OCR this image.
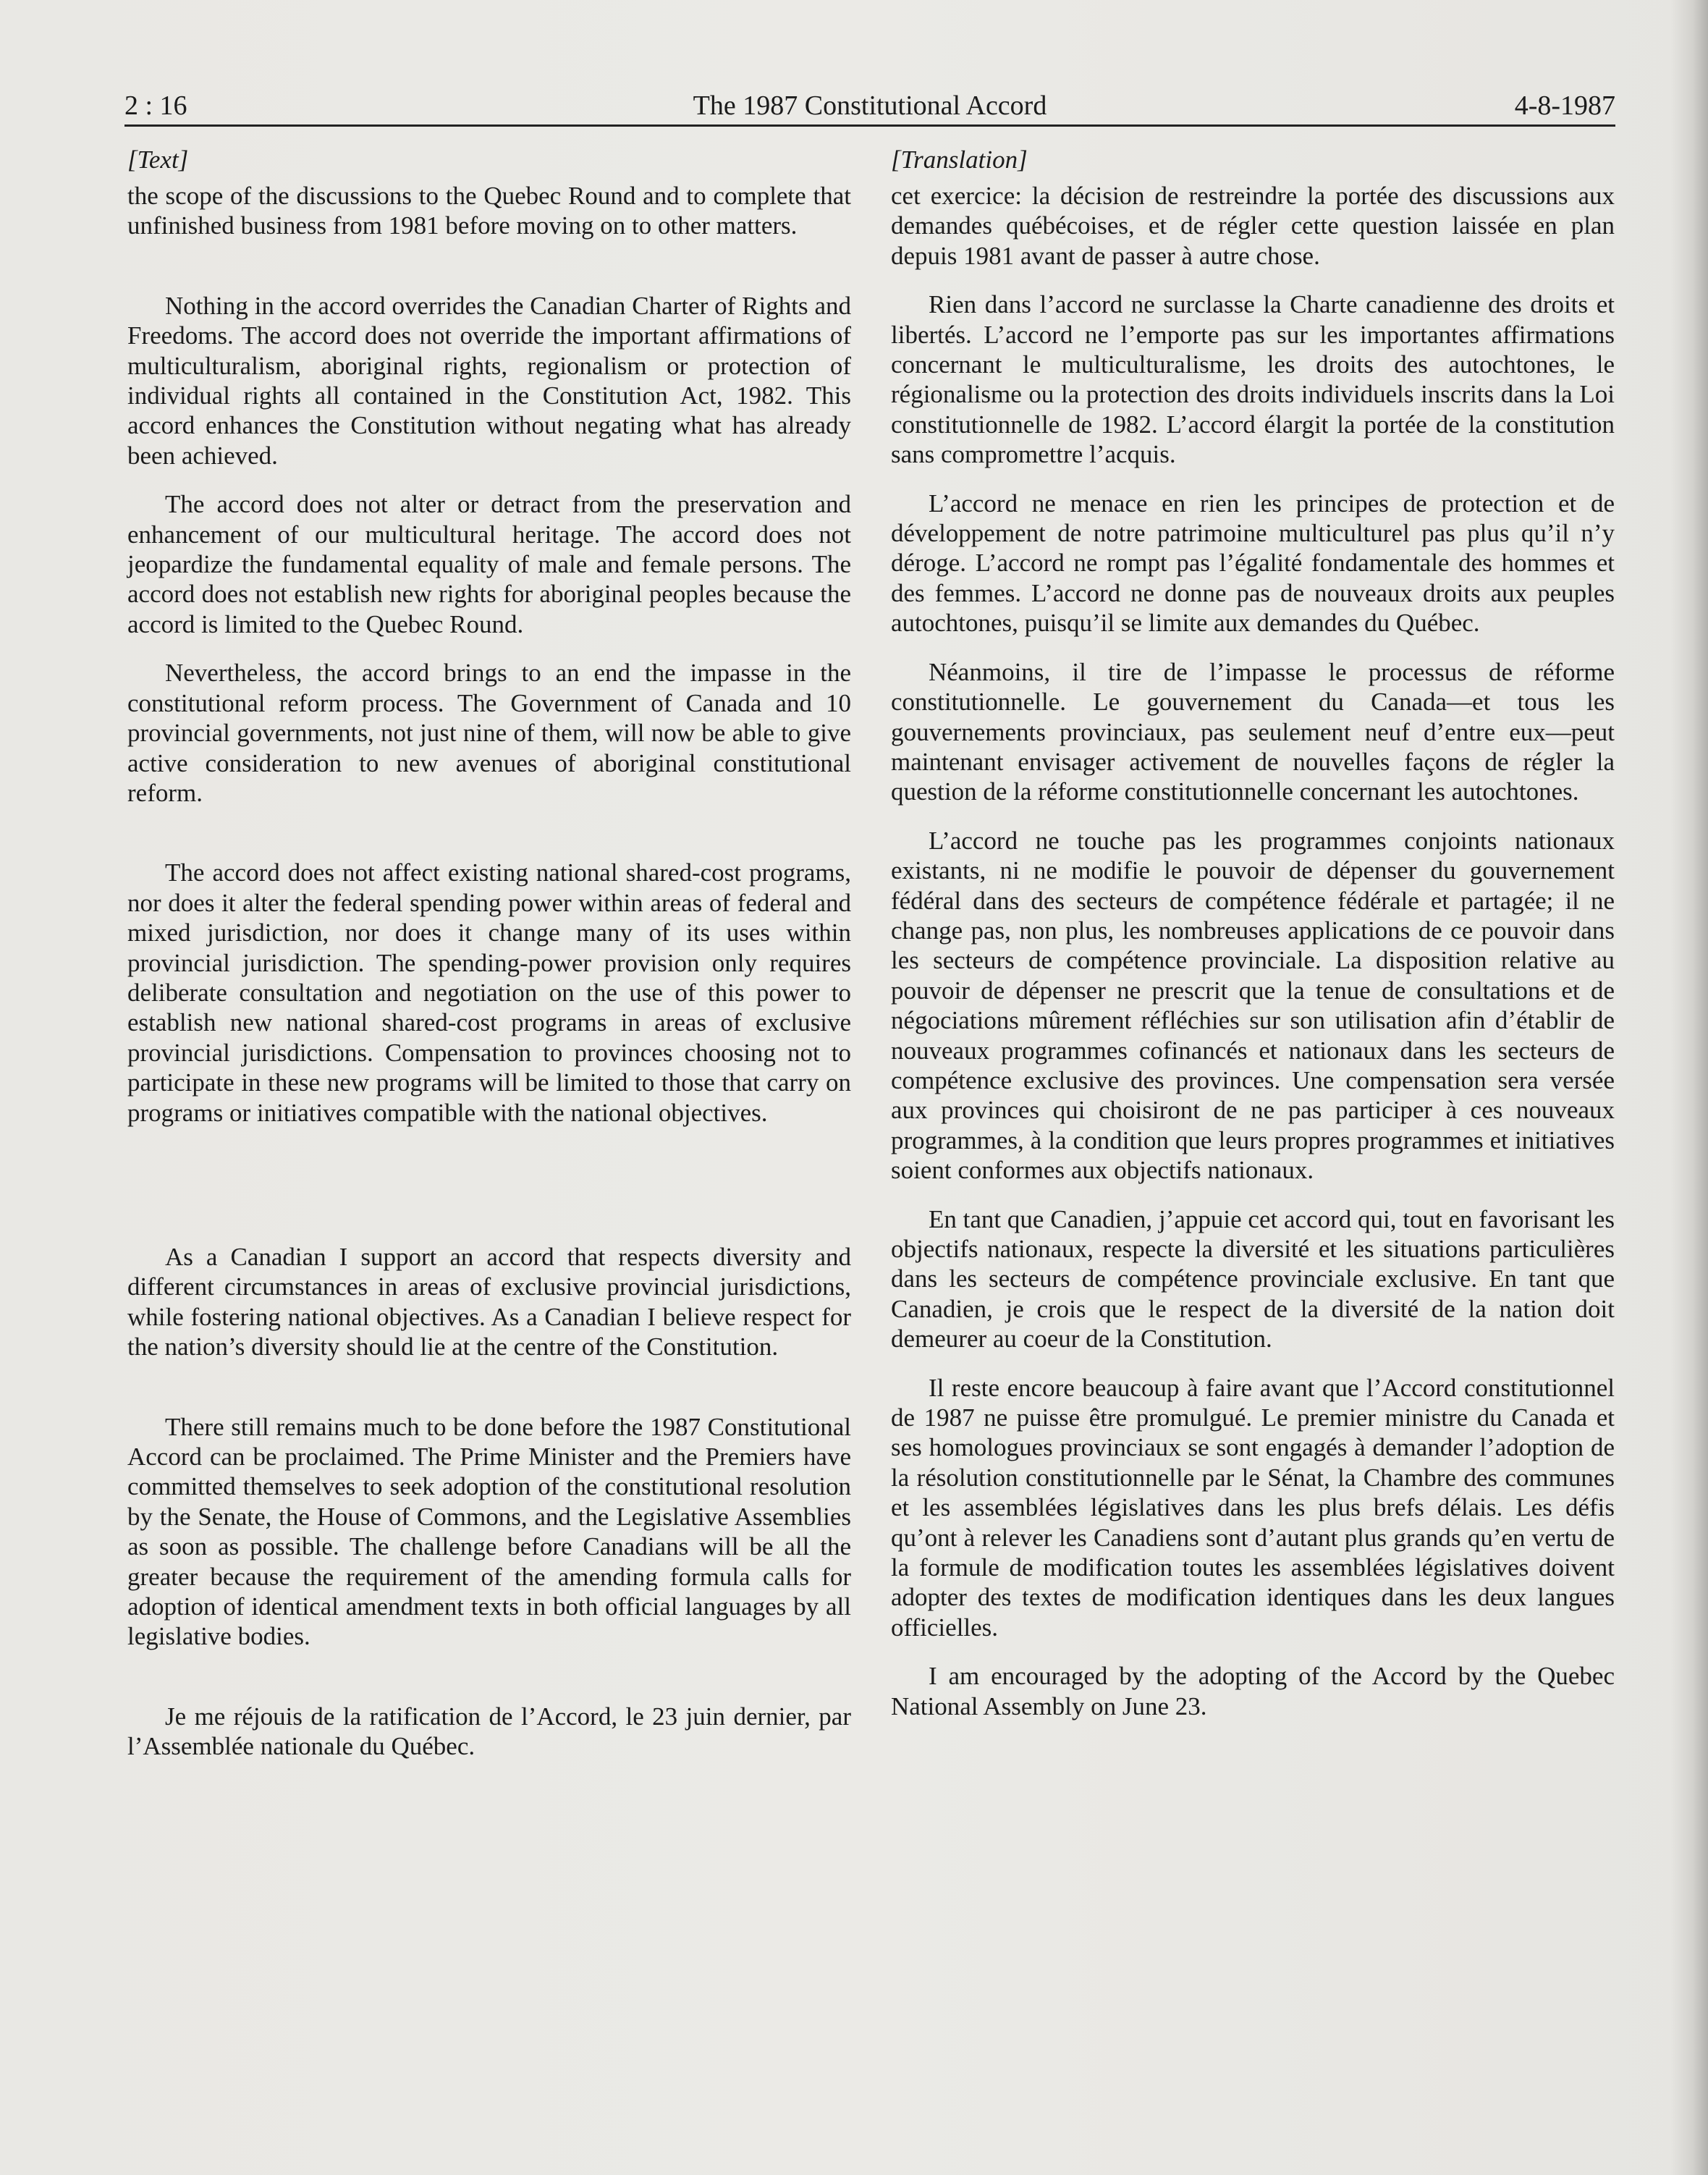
2 : 16	The 1987 Constitutional Accord	4-8-1987
[Text]

the scope of the discussions to the Quebec Round and to complete that unfinished business from 1981 before moving on to other matters.

Nothing in the accord overrides the Canadian Charter of Rights and Freedoms. The accord does not override the important affirmations of multiculturalism, aboriginal rights, regionalism or protection of individual rights all contained in the Constitution Act, 1982. This accord enhances the Constitution without negating what has already been achieved.

The accord does not alter or detract from the preservation and enhancement of our multicultural heritage. The accord does not jeopardize the fundamental equality of male and female persons. The accord does not establish new rights for aboriginal peoples because the accord is limited to the Quebec Round.

Nevertheless, the accord brings to an end the impasse in the constitutional reform process. The Government of Canada and 10 provincial governments, not just nine of them, will now be able to give active consideration to new avenues of aboriginal constitutional reform.

The accord does not affect existing national shared-cost programs, nor does it alter the federal spending power within areas of federal and mixed jurisdiction, nor does it change many of its uses within provincial jurisdiction. The spending-power provision only requires deliberate consultation and negotiation on the use of this power to establish new national shared-cost programs in areas of exclusive provincial jurisdictions. Compensation to provinces choosing not to participate in these new programs will be limited to those that carry on programs or initiatives compatible with the national objectives.

As a Canadian I support an accord that respects diversity and different circumstances in areas of exclusive provincial jurisdictions, while fostering national objectives. As a Canadian I believe respect for the nation’s diversity should lie at the centre of the Constitution.

There still remains much to be done before the 1987 Constitutional Accord can be proclaimed. The Prime Minister and the Premiers have committed themselves to seek adoption of the constitutional resolution by the Senate, the House of Commons, and the Legislative Assemblies as soon as possible. The challenge before Canadians will be all the greater because the requirement of the amending formula calls for adoption of identical amendment texts in both official languages by all legislative bodies.

Je me réjouis de la ratification de l’Accord, le 23 juin dernier, par l’Assemblée nationale du Québec.

[Translation]

cet exercice: la décision de restreindre la portée des discussions aux demandes québécoises, et de régler cette question laissée en plan depuis 1981 avant de passer à autre chose.

Rien dans l’accord ne surclasse la Charte canadienne des droits et libertés. L’accord ne l’emporte pas sur les importantes affirmations concernant le multiculturalisme, les droits des autochtones, le régionalisme ou la protection des droits individuels inscrits dans la Loi constitutionnelle de 1982. L’accord élargit la portée de la constitution sans compromettre l’acquis.

L’accord ne menace en rien les principes de protection et de développement de notre patrimoine multiculturel pas plus qu’il n’y déroge. L’accord ne rompt pas l’égalité fondamentale des hommes et des femmes. L’accord ne donne pas de nouveaux droits aux peuples autochtones, puisqu’il se limite aux demandes du Québec.

Néanmoins, il tire de l’impasse le processus de réforme constitutionnelle. Le gouvernement du Canada—et tous les gouvernements provinciaux, pas seulement neuf d’entre eux—peut maintenant envisager activement de nouvelles façons de régler la question de la réforme constitutionnelle concernant les autochtones.

L’accord ne touche pas les programmes conjoints nationaux existants, ni ne modifie le pouvoir de dépenser du gouvernement fédéral dans des secteurs de compétence fédérale et partagée; il ne change pas, non plus, les nombreuses applications de ce pouvoir dans les secteurs de compétence provinciale. La disposition relative au pouvoir de dépenser ne prescrit que la tenue de consultations et de négociations mûrement réfléchies sur son utilisation afin d’établir de nouveaux programmes cofinancés et nationaux dans les secteurs de compétence exclusive des provinces. Une compensation sera versée aux provinces qui choisiront de ne pas participer à ces nouveaux programmes, à la condition que leurs propres programmes et initiatives soient conformes aux objectifs nationaux.

En tant que Canadien, j’appuie cet accord qui, tout en favorisant les objectifs nationaux, respecte la diversité et les situations particulières dans les secteurs de compétence provinciale exclusive. En tant que Canadien, je crois que le respect de la diversité de la nation doit demeurer au coeur de la Constitution.

Il reste encore beaucoup à faire avant que l’Accord constitutionnel de 1987 ne puisse être promulgué. Le premier ministre du Canada et ses homologues provinciaux se sont engagés à demander l’adoption de la résolution constitutionnelle par le Sénat, la Chambre des communes et les assemblées législatives dans les plus brefs délais. Les défis qu’ont à relever les Canadiens sont d’autant plus grands qu’en vertu de la formule de modification toutes les assemblées législatives doivent adopter des textes de modification identiques dans les deux langues officielles.

I am encouraged by the adopting of the Accord by the Quebec National Assembly on June 23.
